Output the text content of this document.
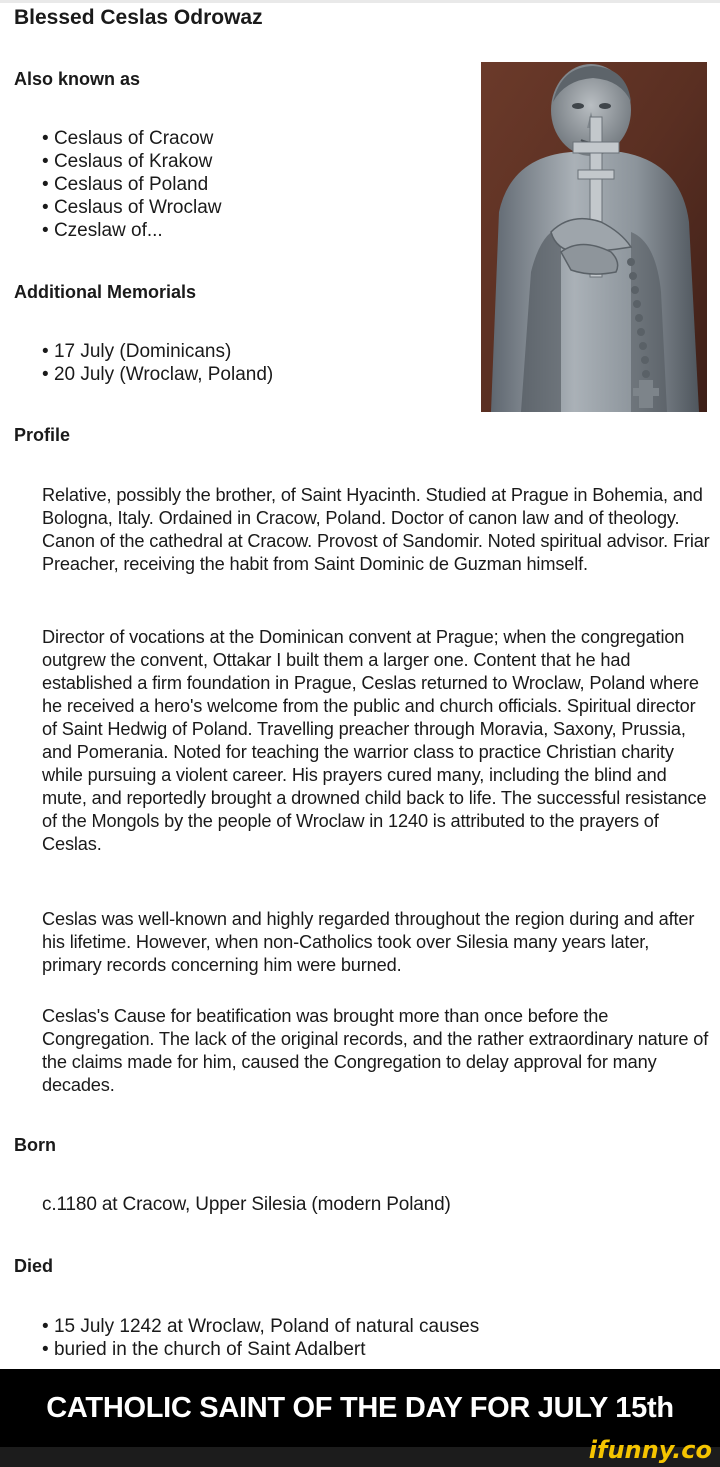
Blessed Ceslas Odrowaz
Also known as
• Ceslaus of Cracow
• Ceslaus of Krakow
• Ceslaus of Poland
• Ceslaus of Wroclaw
• Czeslaw of...
Additional Memorials
• 17 July (Dominicans)
• 20 July (Wroclaw, Poland)
Profile

Relative, possibly the brother, of Saint Hyacinth. Studied at Prague in Bohemia, and Bologna, Italy. Ordained in Cracow, Poland. Doctor of canon law and of theology. Canon of the cathedral at Cracow. Provost of Sandomir. Noted spiritual advisor. Friar Preacher, receiving the habit from Saint Dominic de Guzman himself.

Director of vocations at the Dominican convent at Prague; when the congregation outgrew the convent, Ottakar I built them a larger one. Content that he had established a firm foundation in Prague, Ceslas returned to Wroclaw, Poland where he received a hero's welcome from the public and church officials. Spiritual director of Saint Hedwig of Poland. Travelling preacher through Moravia, Saxony, Prussia, and Pomerania. Noted for teaching the warrior class to practice Christian charity while pursuing a violent career. His prayers cured many, including the blind and mute, and reportedly brought a drowned child back to life. The successful resistance of the Mongols by the people of Wroclaw in 1240 is attributed to the prayers of Ceslas.

Ceslas was well-known and highly regarded throughout the region during and after his lifetime. However, when non-Catholics took over Silesia many years later, primary records concerning him were burned.

Ceslas's Cause for beatification was brought more than once before the Congregation. The lack of the original records, and the rather extraordinary nature of the claims made for him, caused the Congregation to delay approval for many decades.

Born

c.1180 at Cracow, Upper Silesia (modern Poland)

Died
• 15 July 1242 at Wroclaw, Poland of natural causes
• buried in the church of Saint Adalbert
CATHOLIC SAINT OF THE DAY FOR JULY 15th
ifunny.co
